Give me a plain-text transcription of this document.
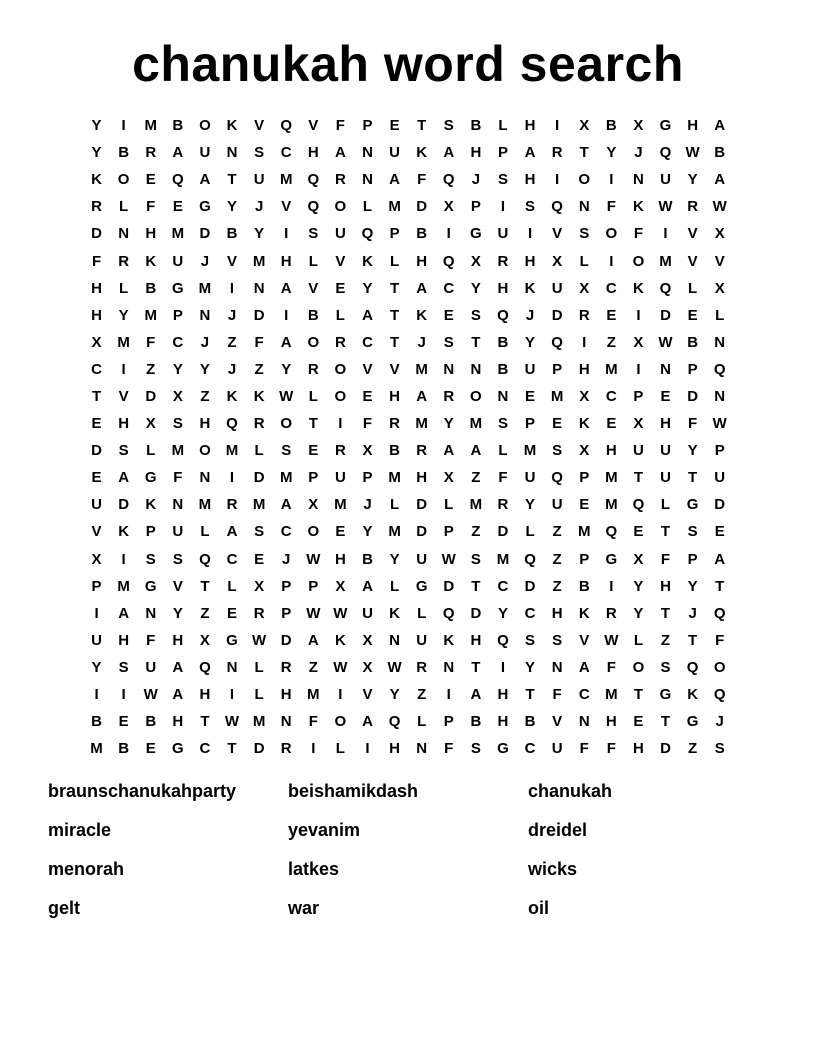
chanukah word search
Y	I	M	B	O	K	V	Q	V	F	P	E	T	S	B	L	H	I	X	B	X	G	H	A
Y	B	R	A	U	N	S	C	H	A	N	U	K	A	H	P	A	R	T	Y	J	Q W B
K	O	E	Q	A	T	U	M	Q	R	N	A	F	Q	J	S	H	I	O	I	N	U	Y	A
R	L	F	E	G	Y	J	V	Q	O	L	M	D	X	P	I	S	Q	N	F	K W R W
D	N	H	M	D	B	Y	I	S	U	Q	P	B	I	G	U	I	V	S	O	F	I	V	X
F	R	K	U	J	V	M	H	L	V	K	L	H	Q	X	R	H	X	L	I	O	M	V	V
H	L	B	G	M	I	N	A	V	E	Y	T	A	C	Y	H	K	U	X	C	K	Q	L	X
H	Y	M	P	N	J	D	I	B	L	A	T	K	E	S	Q	J	D	R	E	I	D	E	L
X	M	F	C	J	Z	F	A	O	R	C	T	J	S	T	B	Y	Q	I	Z	X	W B	N
C	I	Z	Y	Y	J	Z	Y	R	O	V	V	M	N	N	B	U	P	H	M	I	N	P	Q
T	V	D	X	Z	K	K W	L	O	E	H	A	R	O	N	E	M	X	C	P	E	D	N
E	H	X	S	H	Q	R	O	T	I	F	R	M	Y	M	S	P	E	K	E	X	H	F	W
D	S	L	M	O	M	L	S	E	R	X	B	R	A	A	L	M	S	X	H	U	U	Y	P
E	A	G	F	N	I	D	M	P	U	P	M	H	X	Z	F	U	Q	P	M	T	U	T	U
U	D	K	N	M	R	M	A	X	M	J	L	D	L	M	R	Y	U	E	M	Q	L	G	D
V	K	P	U	L	A	S	C	O	E	Y	M	D	P	Z	D	L	Z	M	Q	E	T	S	E
X	I	S	S	Q	C	E	J	W H	B	Y	U W	S	M	Q	Z	P	G	X	F	P	A
P	M	G	V	T	L	X	P	P	X	A	L	G	D	T	C	D	Z	B	I	Y	H	Y	T
I	A	N	Y	Z	E	R	P	W W U	K	L	Q	D	Y	C	H	K	R	Y	T	J	Q
U	H	F	H	X	G W D	A	K	X	N	U	K	H	Q	S	S	V	W	L	Z	T	F
Y	S	U	A	Q	N	L	R	Z	W	X	W R	N	T	I	Y	N	A	F	O	S	Q	O
I	I	W A	H	I	L	H	M	I	V	Y	Z	I	A	H	T	F	C	M	T	G	K	Q
B	E	B	H	T	W M	N	F	O	A	Q	L	P	B	H	B	V	N	H	E	T	G	J
M	B	E	G	C	T	D	R	I	L	I	H	N	F	S	G	C	U	F	F	H	D	Z	S
braunschanukahparty	beishamikdash	chanukah
miracle	yevanim	dreidel
menorah	latkes	wicks
gelt	war	oil
